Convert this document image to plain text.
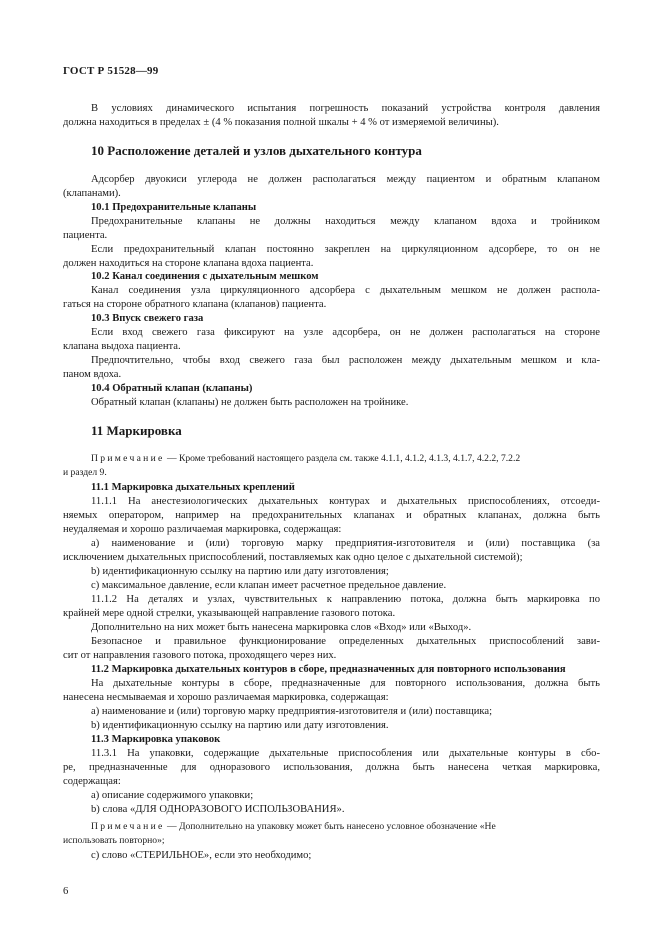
ГОСТ Р 51528—99
В условиях динамического испытания погрешность показаний устройства контроля давления
должна находиться в пределах ± (4 % показания полной шкалы + 4 % от измеряемой величины).
10 Расположение деталей и узлов дыхательного контура
Адсорбер двуокиси углерода не должен располагаться между пациентом и обратным клапаном
(клапанами).
10.1 Предохранительные клапаны
Предохранительные клапаны не должны находиться между клапаном вдоха и тройником
пациента.
Если предохранительный клапан постоянно закреплен на циркуляционном адсорбере, то он не
должен находиться на стороне клапана вдоха пациента.
10.2 Канал соединения с дыхательным мешком
Канал соединения узла циркуляционного адсорбера с дыхательным мешком не должен распола-
гаться на стороне обратного клапана (клапанов) пациента.
10.3 Впуск свежего газа
Если вход свежего газа фиксируют на узле адсорбера, он не должен располагаться на стороне
клапана выдоха пациента.
Предпочтительно, чтобы вход свежего газа был расположен между дыхательным мешком и кла-
паном вдоха.
10.4 Обратный клапан (клапаны)
Обратный клапан (клапаны) не должен быть расположен на тройнике.
11 Маркировка
Примечание — Кроме требований настоящего раздела см. также 4.1.1, 4.1.2, 4.1.3, 4.1.7, 4.2.2, 7.2.2
и раздел 9.
11.1 Маркировка дыхательных креплений
11.1.1 На анестезиологических дыхательных контурах и дыхательных приспособлениях, отсоеди-
няемых оператором, например на предохранительных клапанах и обратных клапанах, должна быть
неудаляемая и хорошо различаемая маркировка, содержащая:
а) наименование и (или) торговую марку предприятия-изготовителя и (или) поставщика (за
исключением дыхательных приспособлений, поставляемых как одно целое с дыхательной системой);
b) идентификационную ссылку на партию или дату изготовления;
с) максимальное давление, если клапан имеет расчетное предельное давление.
11.1.2 На деталях и узлах, чувствительных к направлению потока, должна быть маркировка по
крайней мере одной стрелки, указывающей направление газового потока.
Дополнительно на них может быть нанесена маркировка слов «Вход» или «Выход».
Безопасное и правильное функционирование определенных дыхательных приспособлений зави-
сит от направления газового потока, проходящего через них.
11.2 Маркировка дыхательных контуров в сборе, предназначенных для повторного использования
На дыхательные контуры в сборе, предназначенные для повторного использования, должна быть
нанесена несмываемая и хорошо различаемая маркировка, содержащая:
а) наименование и (или) торговую марку предприятия-изготовителя и (или) поставщика;
b) идентификационную ссылку на партию или дату изготовления.
11.3 Маркировка упаковок
11.3.1 На упаковки, содержащие дыхательные приспособления или дыхательные контуры в сбо-
ре, предназначенные для одноразового использования, должна быть нанесена четкая маркировка,
содержащая:
а) описание содержимого упаковки;
b) слова «ДЛЯ ОДНОРАЗОВОГО ИСПОЛЬЗОВАНИЯ».
Примечание — Дополнительно на упаковку может быть нанесено условное обозначение «Не
использовать повторно»;
с) слово «СТЕРИЛЬНОЕ», если это необходимо;
6
